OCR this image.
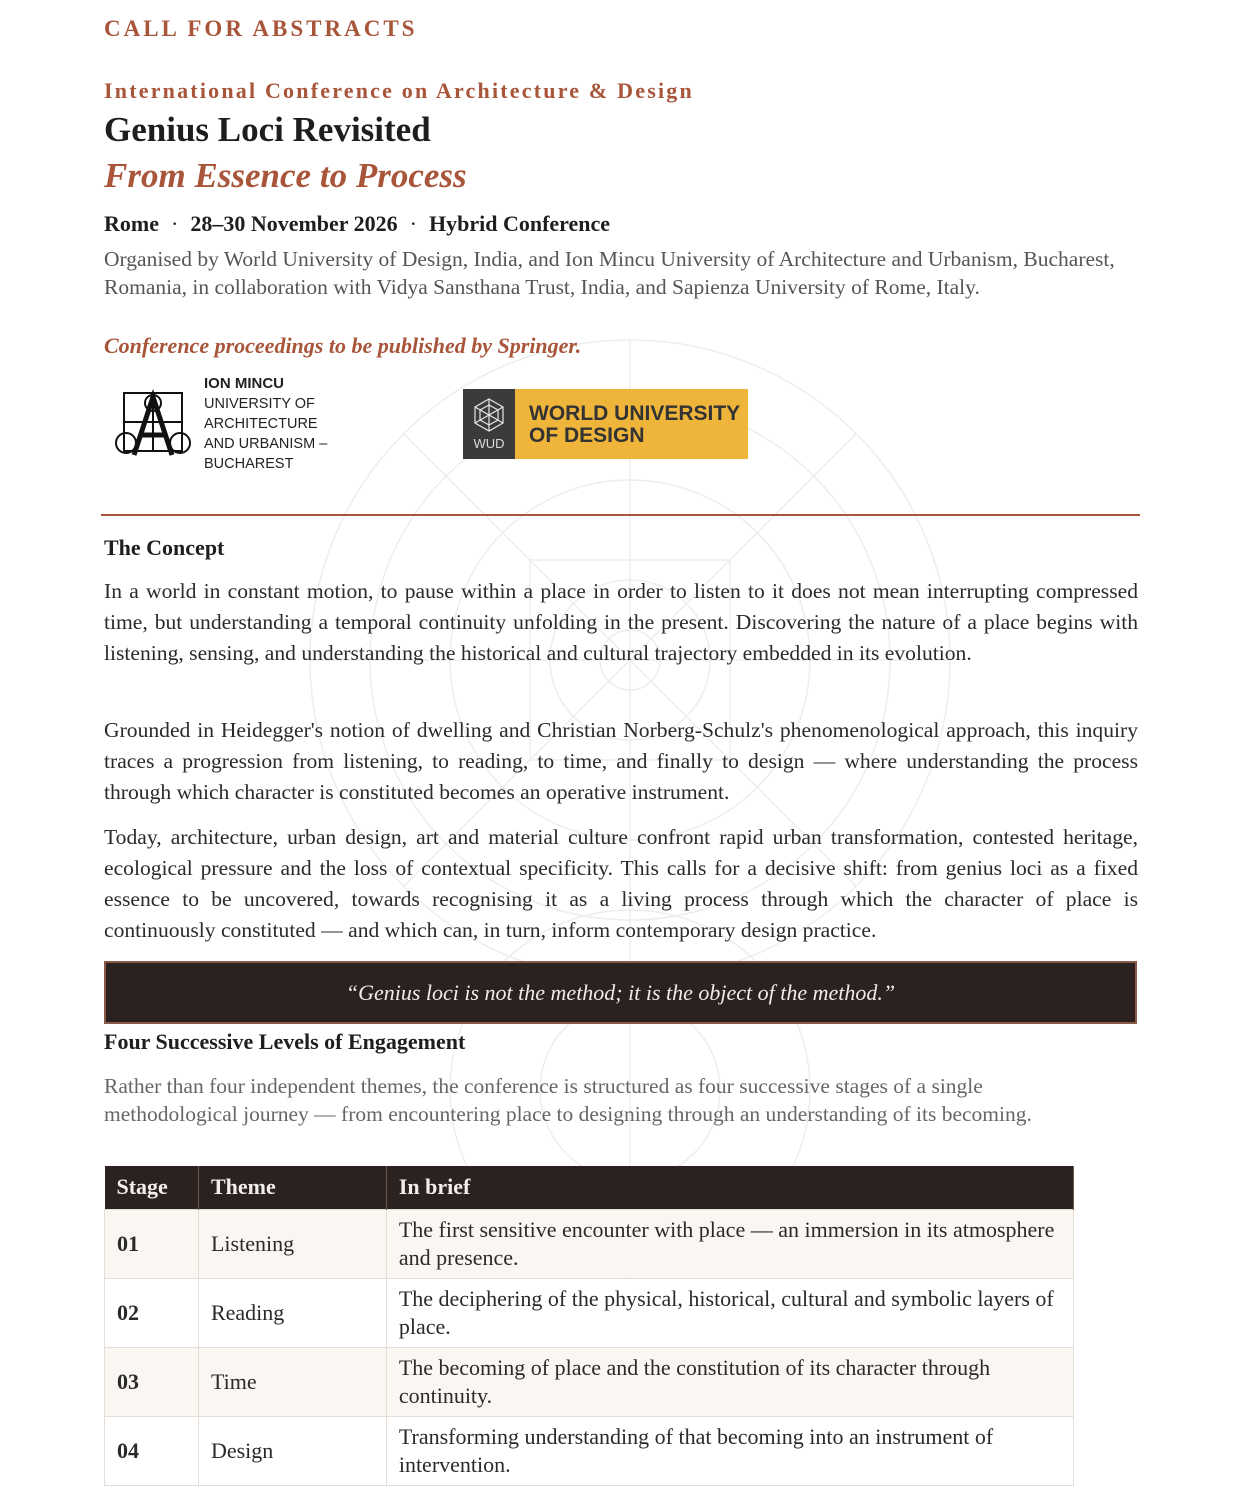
CALL FOR ABSTRACTS
International Conference on Architecture & Design
Genius Loci Revisited
From Essence to Process
Rome · 28–30 November 2026 · Hybrid Conference
Organised by World University of Design, India, and Ion Mincu University of Architecture and Urbanism, Bucharest, Romania, in collaboration with Vidya Sansthana Trust, India, and Sapienza University of Rome, Italy.
Conference proceedings to be published by Springer.
ION MINCU
UNIVERSITY OF ARCHITECTURE
AND URBANISM – BUCHAREST
WUD
WORLD UNIVERSITY
OF DESIGN
The Concept
In a world in constant motion, to pause within a place in order to listen to it does not mean interrupting compressed time, but understanding a temporal continuity unfolding in the present. Discovering the nature of a place begins with listening, sensing, and understanding the historical and cultural trajectory embedded in its evolution.
Grounded in Heidegger's notion of dwelling and Christian Norberg-Schulz's phenomenological approach, this inquiry traces a progression from listening, to reading, to time, and finally to design — where understanding the process through which character is constituted becomes an operative instrument.
Today, architecture, urban design, art and material culture confront rapid urban transformation, contested heritage, ecological pressure and the loss of contextual specificity. This calls for a decisive shift: from genius loci as a fixed essence to be uncovered, towards recognising it as a living process through which the character of place is continuously constituted — and which can, in turn, inform contemporary design practice.
“Genius loci is not the method; it is the object of the method.”
Four Successive Levels of Engagement
Rather than four independent themes, the conference is structured as four successive stages of a single methodological journey — from encountering place to designing through an understanding of its becoming.
Stage	Theme	In brief
01	Listening	The first sensitive encounter with place — an immersion in its atmosphere and presence.
02	Reading	The deciphering of the physical, historical, cultural and symbolic layers of place.
03	Time	The becoming of place and the constitution of its character through continuity.
04	Design	Transforming understanding of that becoming into an instrument of intervention.
